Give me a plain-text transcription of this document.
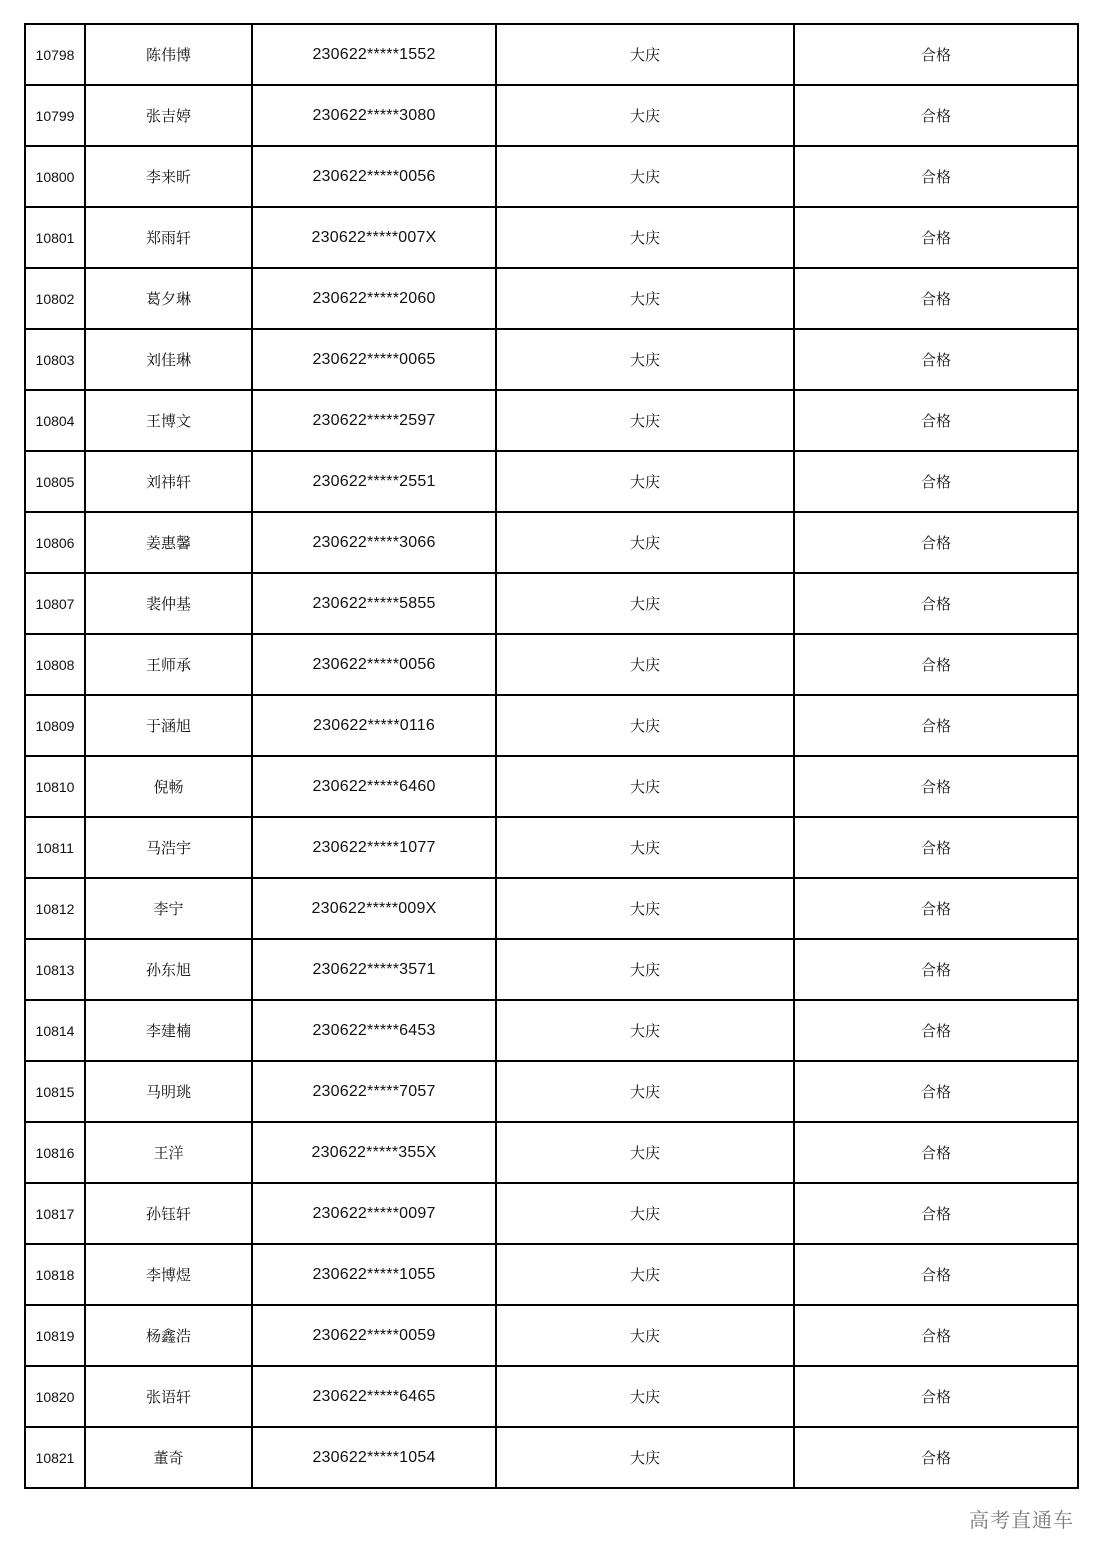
10798	陈伟博	230622*****1552	大庆	合格
10799	张吉婷	230622*****3080	大庆	合格
10800	李来昕	230622*****0056	大庆	合格
10801	郑雨轩	230622*****007X	大庆	合格
10802	葛夕琳	230622*****2060	大庆	合格
10803	刘佳琳	230622*****0065	大庆	合格
10804	王博文	230622*****2597	大庆	合格
10805	刘祎轩	230622*****2551	大庆	合格
10806	姜惠馨	230622*****3066	大庆	合格
10807	裴仲基	230622*****5855	大庆	合格
10808	王师承	230622*****0056	大庆	合格
10809	于涵旭	230622*****0116	大庆	合格
10810	倪畅	230622*****6460	大庆	合格
10811	马浩宇	230622*****1077	大庆	合格
10812	李宁	230622*****009X	大庆	合格
10813	孙东旭	230622*****3571	大庆	合格
10814	李建楠	230622*****6453	大庆	合格
10815	马明珧	230622*****7057	大庆	合格
10816	王洋	230622*****355X	大庆	合格
10817	孙钰轩	230622*****0097	大庆	合格
10818	李博煜	230622*****1055	大庆	合格
10819	杨鑫浩	230622*****0059	大庆	合格
10820	张语轩	230622*****6465	大庆	合格
10821	董奇	230622*****1054	大庆	合格
高考直通车
